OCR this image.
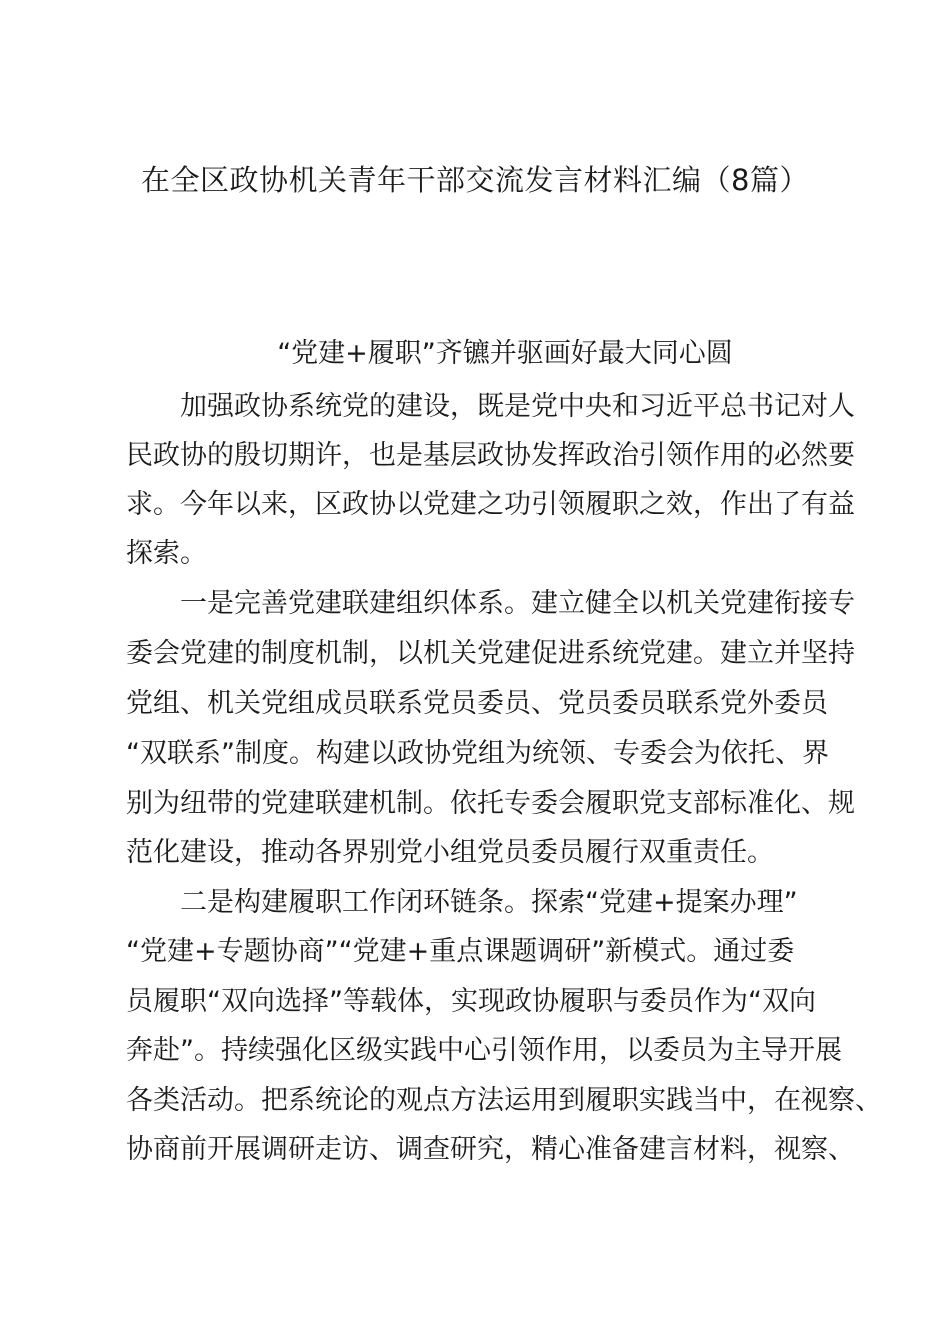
在全区政协机关青年干部交流发言材料汇编（8篇）
“党建+履职”齐镳并驱画好最大同心圆

加强政协系统党的建设，既是党中央和习近平总书记对人

民政协的殷切期许，也是基层政协发挥政治引领作用的必然要

求。今年以来，区政协以党建之功引领履职之效，作出了有益

探索。

一是完善党建联建组织体系。建立健全以机关党建衔接专

委会党建的制度机制，以机关党建促进系统党建。建立并坚持

党组、机关党组成员联系党员委员、党员委员联系党外委员

“双联系”制度。构建以政协党组为统领、专委会为依托、界

别为纽带的党建联建机制。依托专委会履职党支部标准化、规

范化建设，推动各界别党小组党员委员履行双重责任。

二是构建履职工作闭环链条。探索“党建+提案办理”

“党建+专题协商”“党建+重点课题调研”新模式。通过委

员履职“双向选择”等载体，实现政协履职与委员作为“双向

奔赴”。持续强化区级实践中心引领作用，以委员为主导开展

各类活动。把系统论的观点方法运用到履职实践当中，在视察、

协商前开展调研走访、调查研究，精心准备建言材料，视察、
